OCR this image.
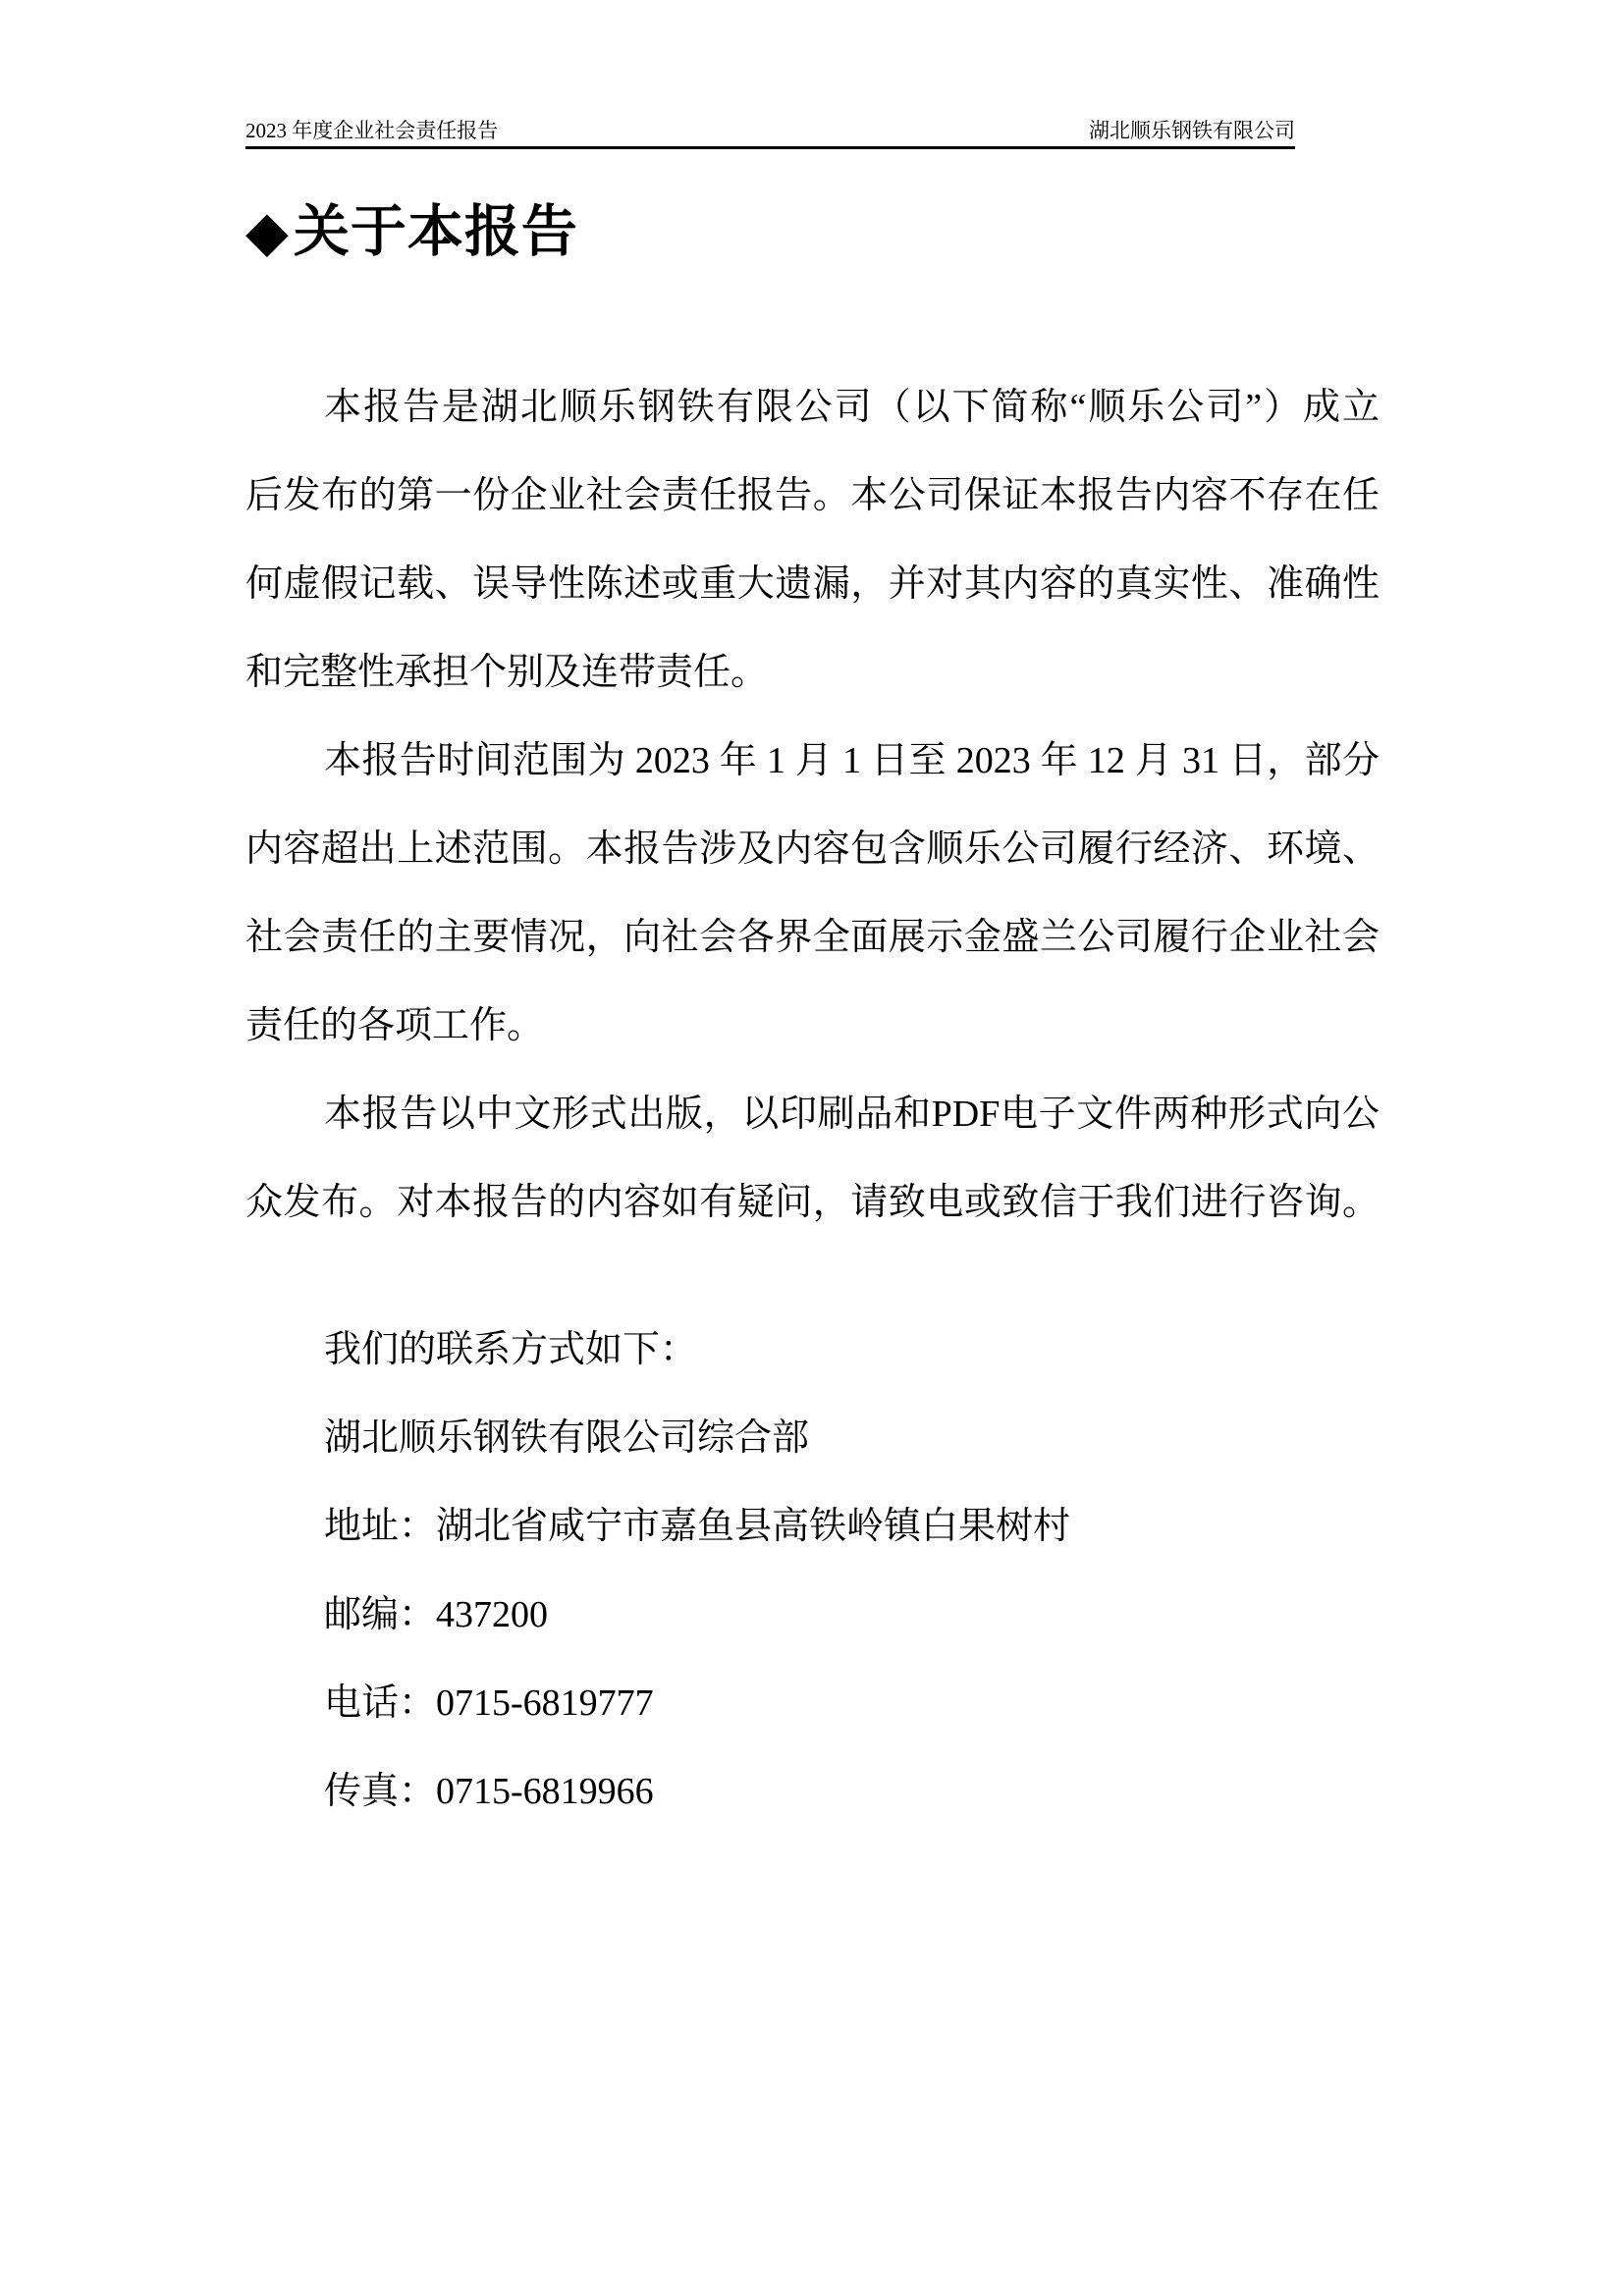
2023 年度企业社会责任报告	湖北顺乐钢铁有限公司
◆关于本报告
本报告是湖北顺乐钢铁有限公司（以下简称“顺乐公司”）成立
后发布的第一份企业社会责任报告。本公司保证本报告内容不存在任
何虚假记载、误导性陈述或重大遗漏，并对其内容的真实性、准确性
和完整性承担个别及连带责任。
本报告时间范围为 2023 年 1 月 1 日至 2023 年 12 月 31 日，部分
内容超出上述范围。本报告涉及内容包含顺乐公司履行经济、环境、
社会责任的主要情况，向社会各界全面展示金盛兰公司履行企业社会
责任的各项工作。
本报告以中文形式出版，以印刷品和PDF电子文件两种形式向公
众发布。对本报告的内容如有疑问，请致电或致信于我们进行咨询。
我们的联系方式如下：
湖北顺乐钢铁有限公司综合部
地址：湖北省咸宁市嘉鱼县高铁岭镇白果树村
邮编：437200
电话：0715-6819777
传真：0715-6819966
